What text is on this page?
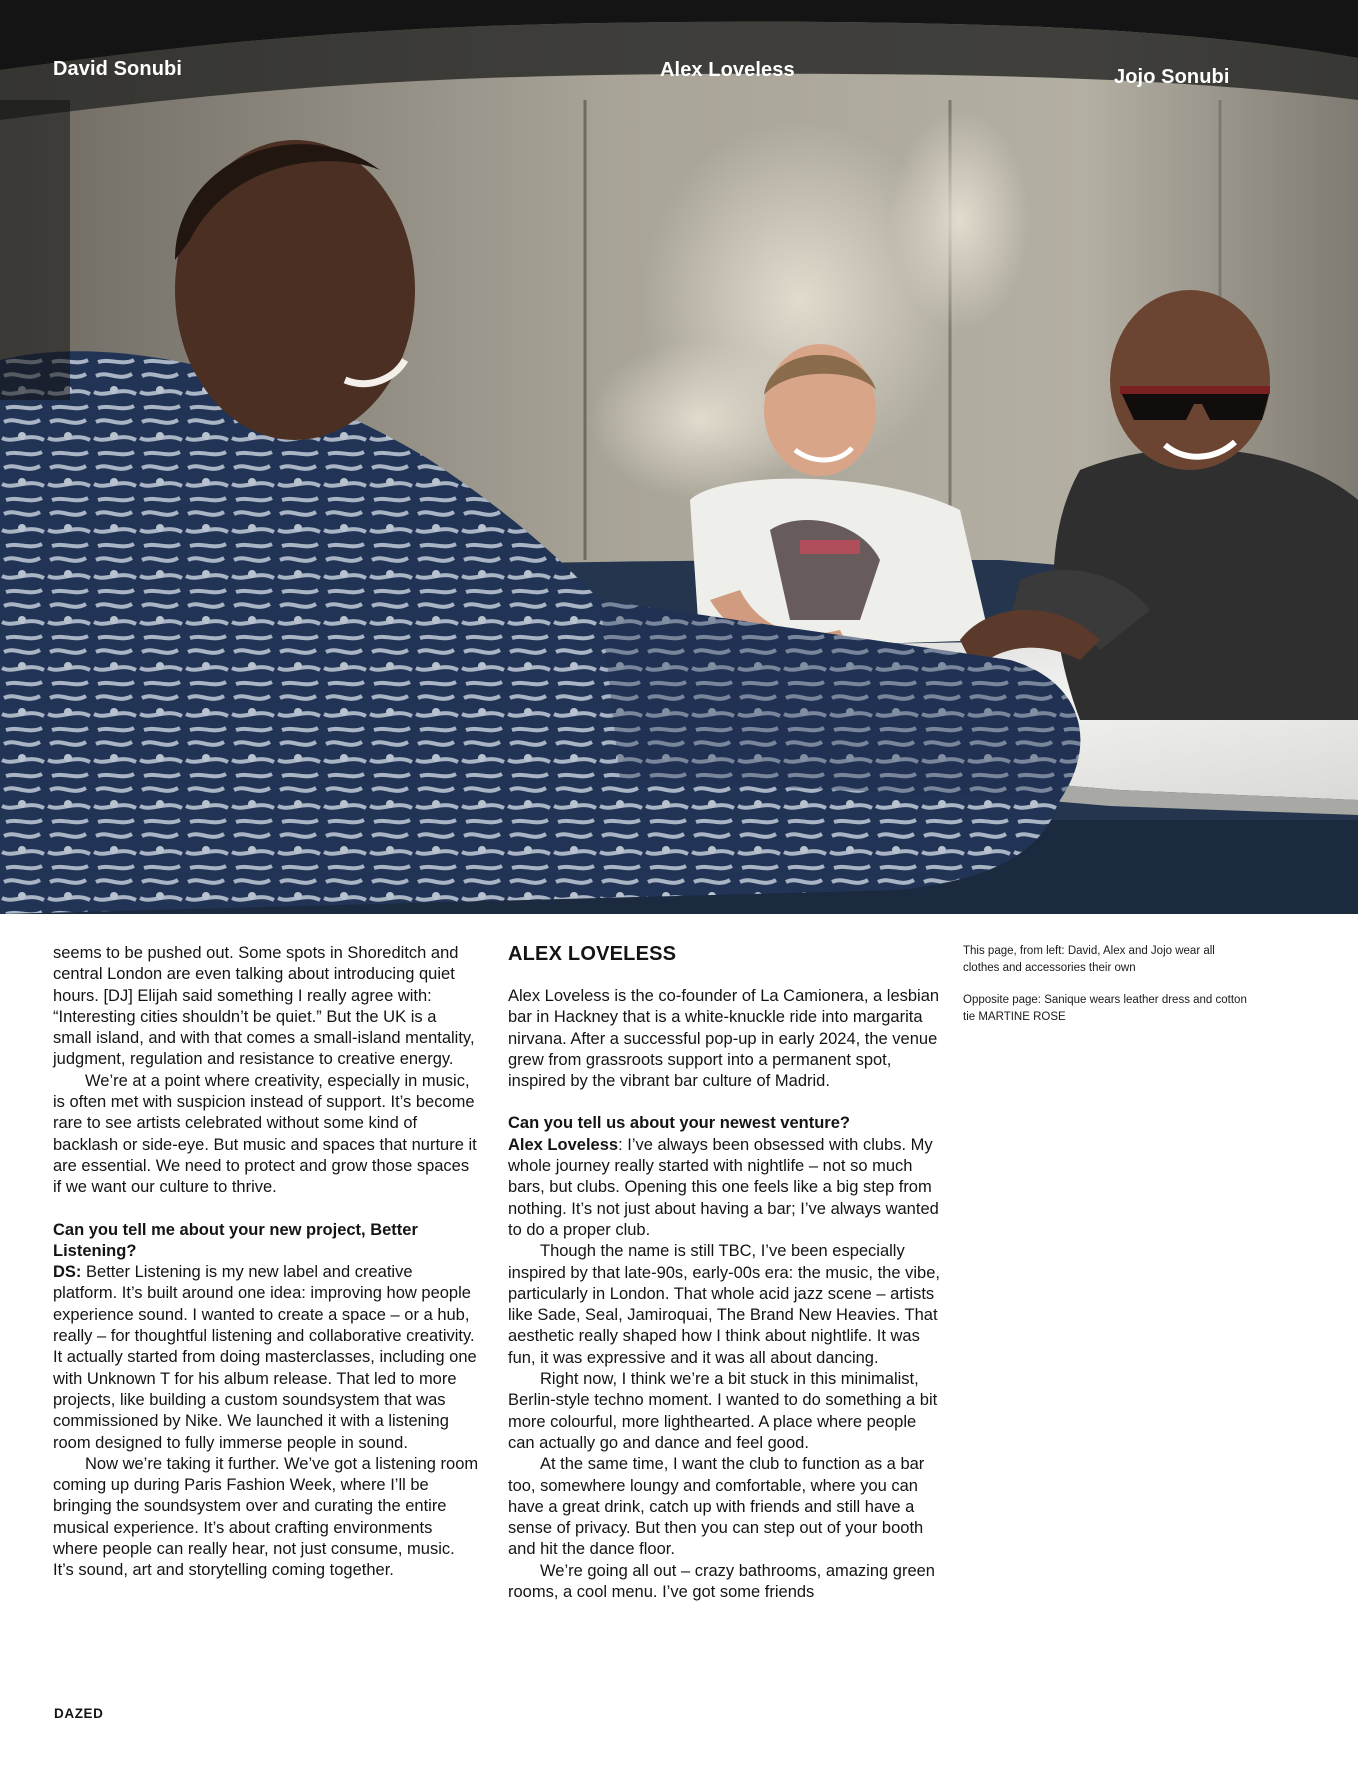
David Sonubi	Alex Loveless	Jojo Sonubi

seems to be pushed out. Some spots in Shoreditch and central London are even talking about introducing quiet hours. [DJ] Elijah said something I really agree with: “Interesting cities shouldn’t be quiet.” But the UK is a small island, and with that comes a small-island mentality, judgment, regulation and resistance to creative energy.

We’re at a point where creativity, especially in music, is often met with suspicion instead of support. It’s become rare to see artists celebrated without some kind of backlash or side-eye. But music and spaces that nurture it are essential. We need to protect and grow those spaces if we want our culture to thrive.

Can you tell me about your new project, Better Listening?

DS: Better Listening is my new label and creative platform. It’s built around one idea: improving how people experience sound. I wanted to create a space – or a hub, really – for thoughtful listening and collaborative creativity. It actually started from doing masterclasses, including one with Unknown T for his album release. That led to more projects, like building a custom soundsystem that was commissioned by Nike. We launched it with a listening room designed to fully immerse people in sound.

Now we’re taking it further. We’ve got a listening room coming up during Paris Fashion Week, where I’ll be bringing the soundsystem over and curating the entire musical experience. It’s about crafting environments where people can really hear, not just consume, music. It’s sound, art and storytelling coming together.

ALEX LOVELESS

Alex Loveless is the co-founder of La Camionera, a lesbian bar in Hackney that is a white-knuckle ride into margarita nirvana. After a successful pop-up in early 2024, the venue grew from grassroots support into a permanent spot, inspired by the vibrant bar culture of Madrid.

Can you tell us about your newest venture?

Alex Loveless: I’ve always been obsessed with clubs. My whole journey really started with nightlife – not so much bars, but clubs. Opening this one feels like a big step from nothing. It’s not just about having a bar; I’ve always wanted to do a proper club.

Though the name is still TBC, I’ve been especially inspired by that late-90s, early-00s era: the music, the vibe, particularly in London. That whole acid jazz scene – artists like Sade, Seal, Jamiroquai, The Brand New Heavies. That aesthetic really shaped how I think about nightlife. It was fun, it was expressive and it was all about dancing.

Right now, I think we’re a bit stuck in this minimalist, Berlin-style techno moment. I wanted to do something a bit more colourful, more lighthearted. A place where people can actually go and dance and feel good.

At the same time, I want the club to function as a bar too, somewhere loungy and comfortable, where you can have a great drink, catch up with friends and still have a sense of privacy. But then you can step out of your booth and hit the dance floor.

We’re going all out – crazy bathrooms, amazing green rooms, a cool menu. I’ve got some friends

This page, from left: David, Alex and Jojo wear all clothes and accessories their own

Opposite page: Sanique wears leather dress and cotton tie MARTINE ROSE

DAZED
